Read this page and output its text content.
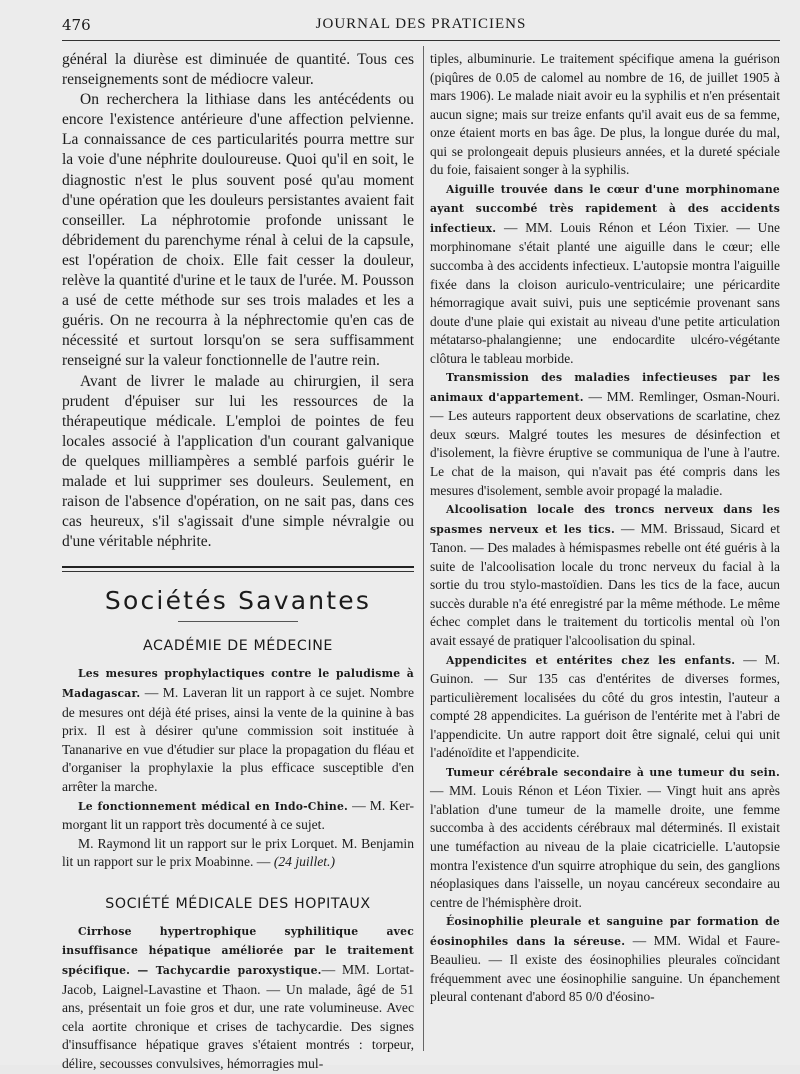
476	JOURNAL DES PRATICIENS

général la diurèse est diminuée de quantité. Tous ces renseignements sont de médiocre valeur.

On recherchera la lithiase dans les antécédents ou encore l'existence antérieure d'une affection pelvienne. La connaissance de ces particularités pourra mettre sur la voie d'une néphrite douloureuse. Quoi qu'il en soit, le diagnostic n'est le plus souvent posé qu'au moment d'une opération que les douleurs persistantes avaient fait conseiller. La néphrotomie profonde unissant le débridement du parenchyme rénal à celui de la capsule, est l'opération de choix. Elle fait cesser la douleur, relève la quantité d'urine et le taux de l'urée. M. Pousson a usé de cette méthode sur ses trois malades et les a guéris. On ne recourra à la néphrectomie qu'en cas de nécessité et surtout lorsqu'on se sera suffisamment renseigné sur la valeur fonctionnelle de l'autre rein.

Avant de livrer le malade au chirurgien, il sera prudent d'épuiser sur lui les ressources de la thérapeutique médicale. L'emploi de pointes de feu locales associé à l'application d'un courant galvanique de quelques milliampères a semblé parfois guérir le malade et lui supprimer ses douleurs. Seulement, en raison de l'absence d'opération, on ne sait pas, dans ces cas heureux, s'il s'agissait d'une simple névralgie ou d'une véritable néphrite.

Sociétés Savantes
ACADÉMIE DE MÉDECINE

Les mesures prophylactiques contre le paludisme à Madagascar. — M. Laveran lit un rapport à ce sujet. Nombre de mesures ont déjà été prises, ainsi la vente de la quinine à bas prix. Il est à désirer qu'une commission soit instituée à Tananarive en vue d'étudier sur place la propagation du fléau et d'organiser la prophylaxie la plus efficace susceptible d'en arrêter la marche.

Le fonctionnement médical en Indo-Chine. — M. Ker-morgant lit un rapport très documenté à ce sujet.

M. Raymond lit un rapport sur le prix Lorquet. M. Benjamin lit un rapport sur le prix Moabinne. — (24 juillet.)

SOCIÉTÉ MÉDICALE DES HOPITAUX

Cirrhose hypertrophique syphilitique avec insuffisance hépatique améliorée par le traitement spécifique. — Tachycardie paroxystique.— MM. Lortat-Jacob, Laignel-Lavastine et Thaon. — Un malade, âgé de 51 ans, présentait un foie gros et dur, une rate volumineuse. Avec cela aortite chronique et crises de tachycardie. Des signes d'insuffisance hépatique graves s'étaient montrés : torpeur, délire, secousses convulsives, hémorragies mul-

tiples, albuminurie. Le traitement spécifique amena la guérison (piqûres de 0.05 de calomel au nombre de 16, de juillet 1905 à mars 1906). Le malade niait avoir eu la syphilis et n'en présentait aucun signe; mais sur treize enfants qu'il avait eus de sa femme, onze étaient morts en bas âge. De plus, la longue durée du mal, qui se prolongeait depuis plusieurs années, et la dureté spéciale du foie, faisaient songer à la syphilis.

Aiguille trouvée dans le cœur d'une morphinomane ayant succombé très rapidement à des accidents infectieux. — MM. Louis Rénon et Léon Tixier. — Une morphinomane s'était planté une aiguille dans le cœur; elle succomba à des accidents infectieux. L'autopsie montra l'aiguille fixée dans la cloison auriculo-ventriculaire; une péricardite hémorragique avait suivi, puis une septicémie provenant sans doute d'une plaie qui existait au niveau d'une petite articulation métatarso-phalangienne; une endocardite ulcéro-végétante clôtura le tableau morbide.

Transmission des maladies infectieuses par les animaux d'appartement. — MM. Remlinger, Osman-Nouri. — Les auteurs rapportent deux observations de scarlatine, chez deux sœurs. Malgré toutes les mesures de désinfection et d'isolement, la fièvre éruptive se communiqua de l'une à l'autre. Le chat de la maison, qui n'avait pas été compris dans les mesures d'isolement, semble avoir propagé la maladie.

Alcoolisation locale des troncs nerveux dans les spasmes nerveux et les tics. — MM. Brissaud, Sicard et Tanon. — Des malades à hémispasmes rebelle ont été guéris à la suite de l'alcoolisation locale du tronc nerveux du facial à la sortie du trou stylo-mastoïdien. Dans les tics de la face, aucun succès durable n'a été enregistré par la même méthode. Le même échec complet dans le traitement du torticolis mental où l'on avait essayé de pratiquer l'alcoolisation du spinal.

Appendicites et entérites chez les enfants. — M. Guinon. — Sur 135 cas d'entérites de diverses formes, particulièrement localisées du côté du gros intestin, l'auteur a compté 28 appendicites. La guérison de l'entérite met à l'abri de l'appendicite. Un autre rapport doit être signalé, celui qui unit l'adénoïdite et l'appendicite.

Tumeur cérébrale secondaire à une tumeur du sein. — MM. Louis Rénon et Léon Tixier. — Vingt huit ans après l'ablation d'une tumeur de la mamelle droite, une femme succomba à des accidents cérébraux mal déterminés. Il existait une tuméfaction au niveau de la plaie cicatricielle. L'autopsie montra l'existence d'un squirre atrophique du sein, des ganglions néoplasiques dans l'aisselle, un noyau cancéreux secondaire au centre de l'hémisphère droit.

Éosinophilie pleurale et sanguine par formation de éosinophiles dans la séreuse. — MM. Widal et Faure-Beaulieu. — Il existe des éosinophilies pleurales coïncidant fréquemment avec une éosinophilie sanguine. Un épanchement pleural contenant d'abord 85 0/0 d'éosino-
